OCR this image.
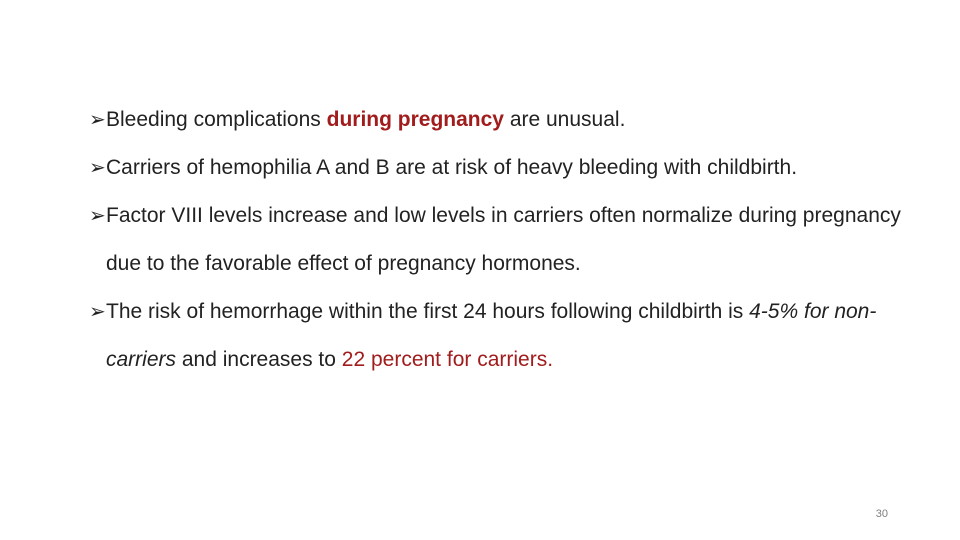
➢ Bleeding complications during pregnancy are unusual.
➢ Carriers of hemophilia A and B are at risk of heavy bleeding with childbirth.
➢ Factor VIII levels increase and low levels in carriers often normalize during pregnancy due to the favorable effect of pregnancy hormones.
➢ The risk of hemorrhage within the first 24 hours following childbirth is 4-5% for non-carriers and increases to 22 percent for carriers.
30
